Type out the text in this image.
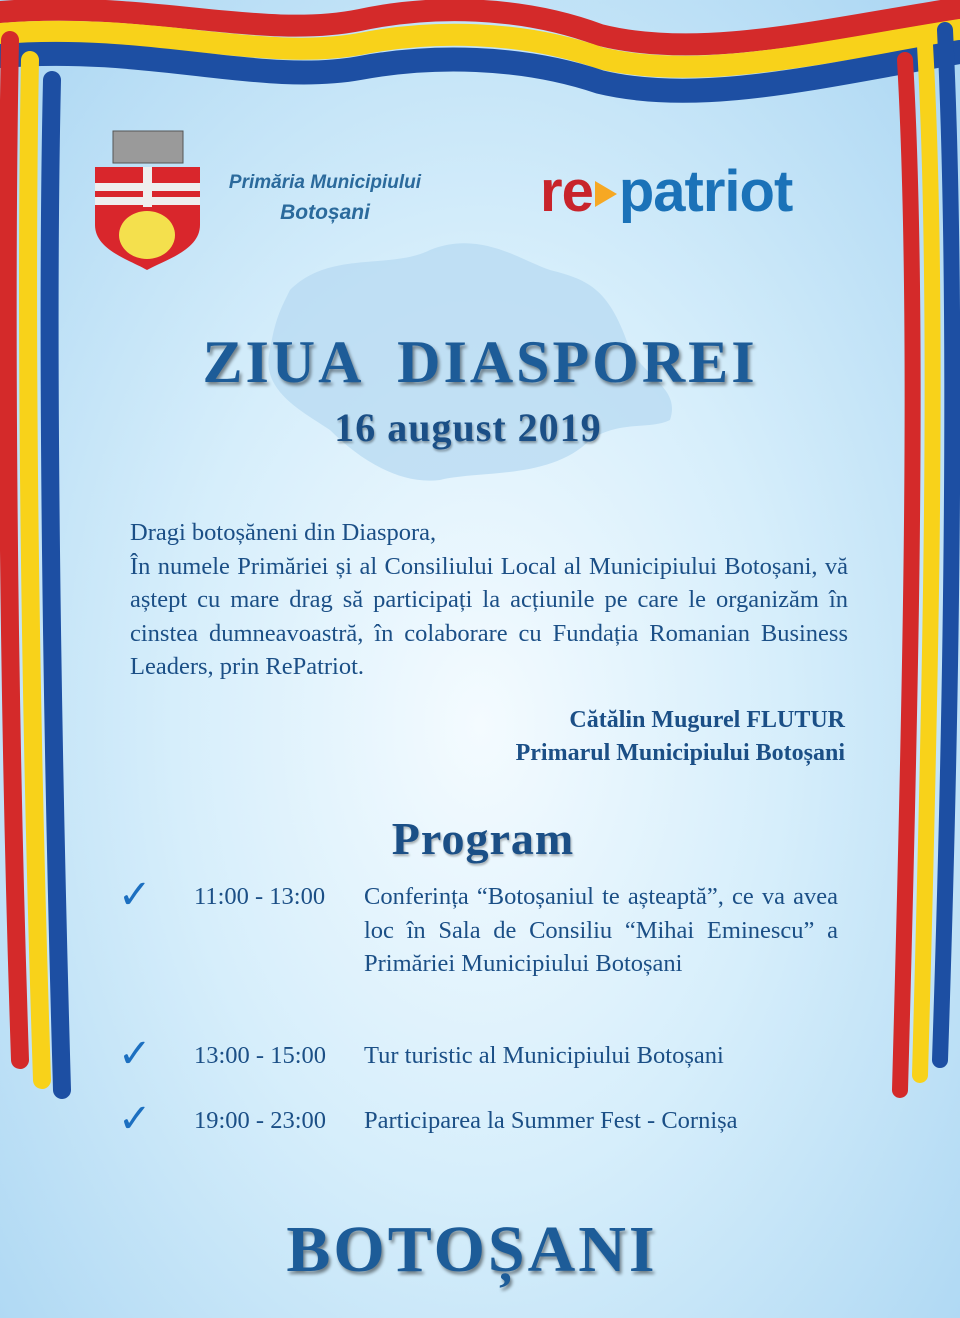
Primăria Municipiului
Botoșani	re patriot
ZIUA  DIASPOREI
16 august 2019
Dragi botoșăneni din Diaspora,
În numele Primăriei și al Consiliului Local al Municipiului Botoșani, vă aștept cu mare drag să participați la acțiunile pe care le organizăm în cinstea dumneavoastră, în colaborare cu Fundația Romanian Business Leaders, prin RePatriot.
Cătălin Mugurel FLUTUR
Primarul Municipiului Botoșani
Program
✓	11:00 - 13:00	Conferința “Botoșaniul te așteaptă”, ce va avea loc în Sala de Consiliu “Mihai Eminescu” a Primăriei Municipiului Botoșani
✓	13:00 - 15:00	Tur turistic al Municipiului Botoșani
✓	19:00 - 23:00	Participarea la Summer Fest - Cornișa
BOTOȘANI
